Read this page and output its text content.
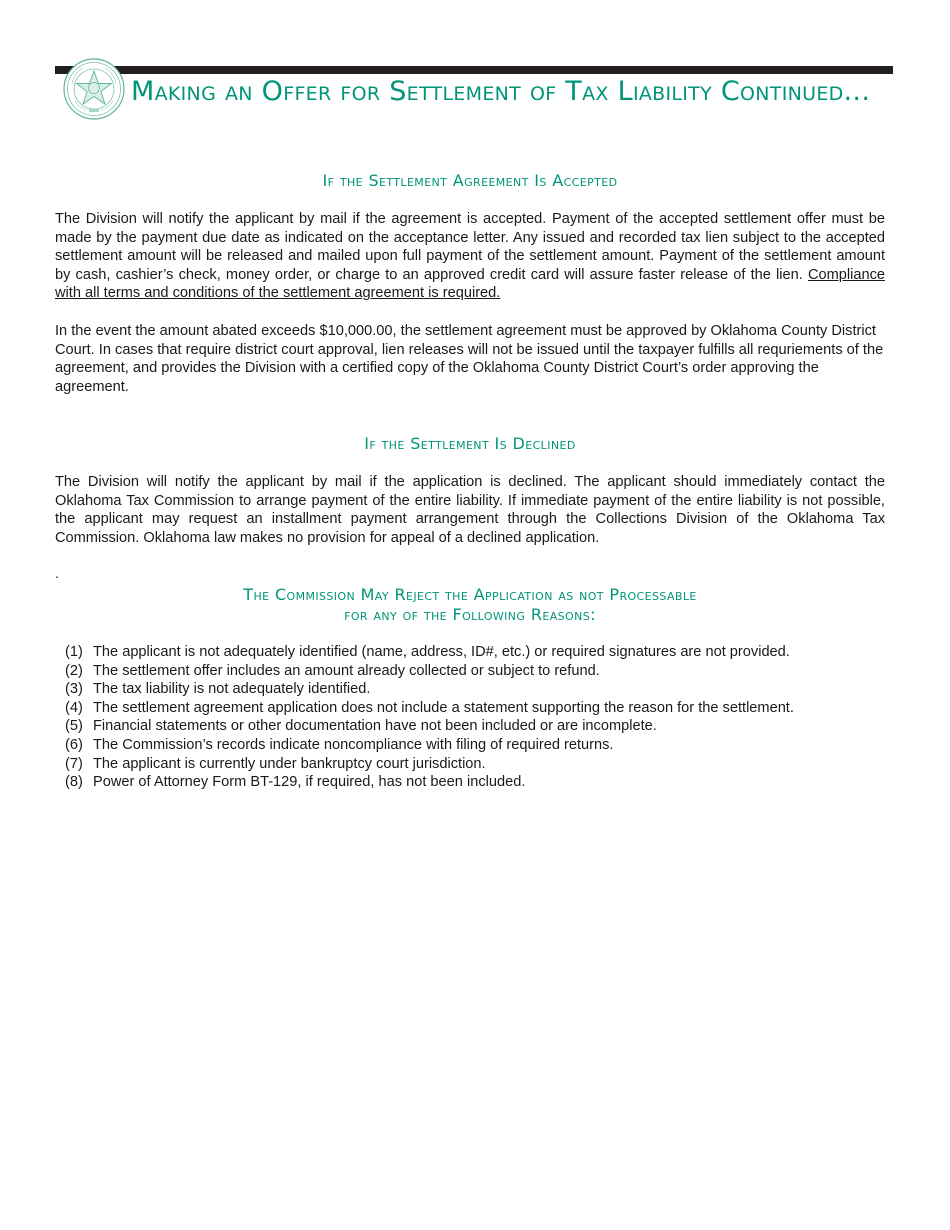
Making an Offer for Settlement of Tax Liability Continued...
If the Settlement Agreement Is Accepted

The Division will notify the applicant by mail if the agreement is accepted. Payment of the accepted settlement offer must be made by the payment due date as indicated on the acceptance letter. Any issued and recorded tax lien subject to the accepted settlement amount will be released and mailed upon full payment of the settlement amount. Payment of the settlement amount by cash, cashier’s check, money order, or charge to an approved credit card will assure faster release of the lien. Compliance with all terms and conditions of the settlement agreement is required.

In the event the amount abated exceeds $10,000.00, the settlement agreement must be approved by Oklahoma County District Court. In cases that require district court approval, lien releases will not be issued until the taxpayer fulfills all requriements of the agreement, and provides the Division with a certified copy of the Oklahoma County District Court’s order approving the agreement.

If the Settlement Is Declined

The Division will notify the applicant by mail if the application is declined. The applicant should immediately contact the Oklahoma Tax Commission to arrange payment of the entire liability. If immediate payment of the entire liability is not possible, the applicant may request an installment payment arrangement through the Collections Division of the Oklahoma Tax Commission. Oklahoma law makes no provision for appeal of a declined application.

.
The Commission May Reject the Application as not Processable
for any of the Following Reasons:
(1) The applicant is not adequately identified (name, address, ID#, etc.) or required signatures are not provided.
(2) The settlement offer includes an amount already collected or subject to refund.
(3) The tax liability is not adequately identified.
(4) The settlement agreement application does not include a statement supporting the reason for the settlement.
(5) Financial statements or other documentation have not been included or are incomplete.
(6) The Commission’s records indicate noncompliance with filing of required returns.
(7) The applicant is currently under bankruptcy court jurisdiction.
(8) Power of Attorney Form BT-129, if required, has not been included.
